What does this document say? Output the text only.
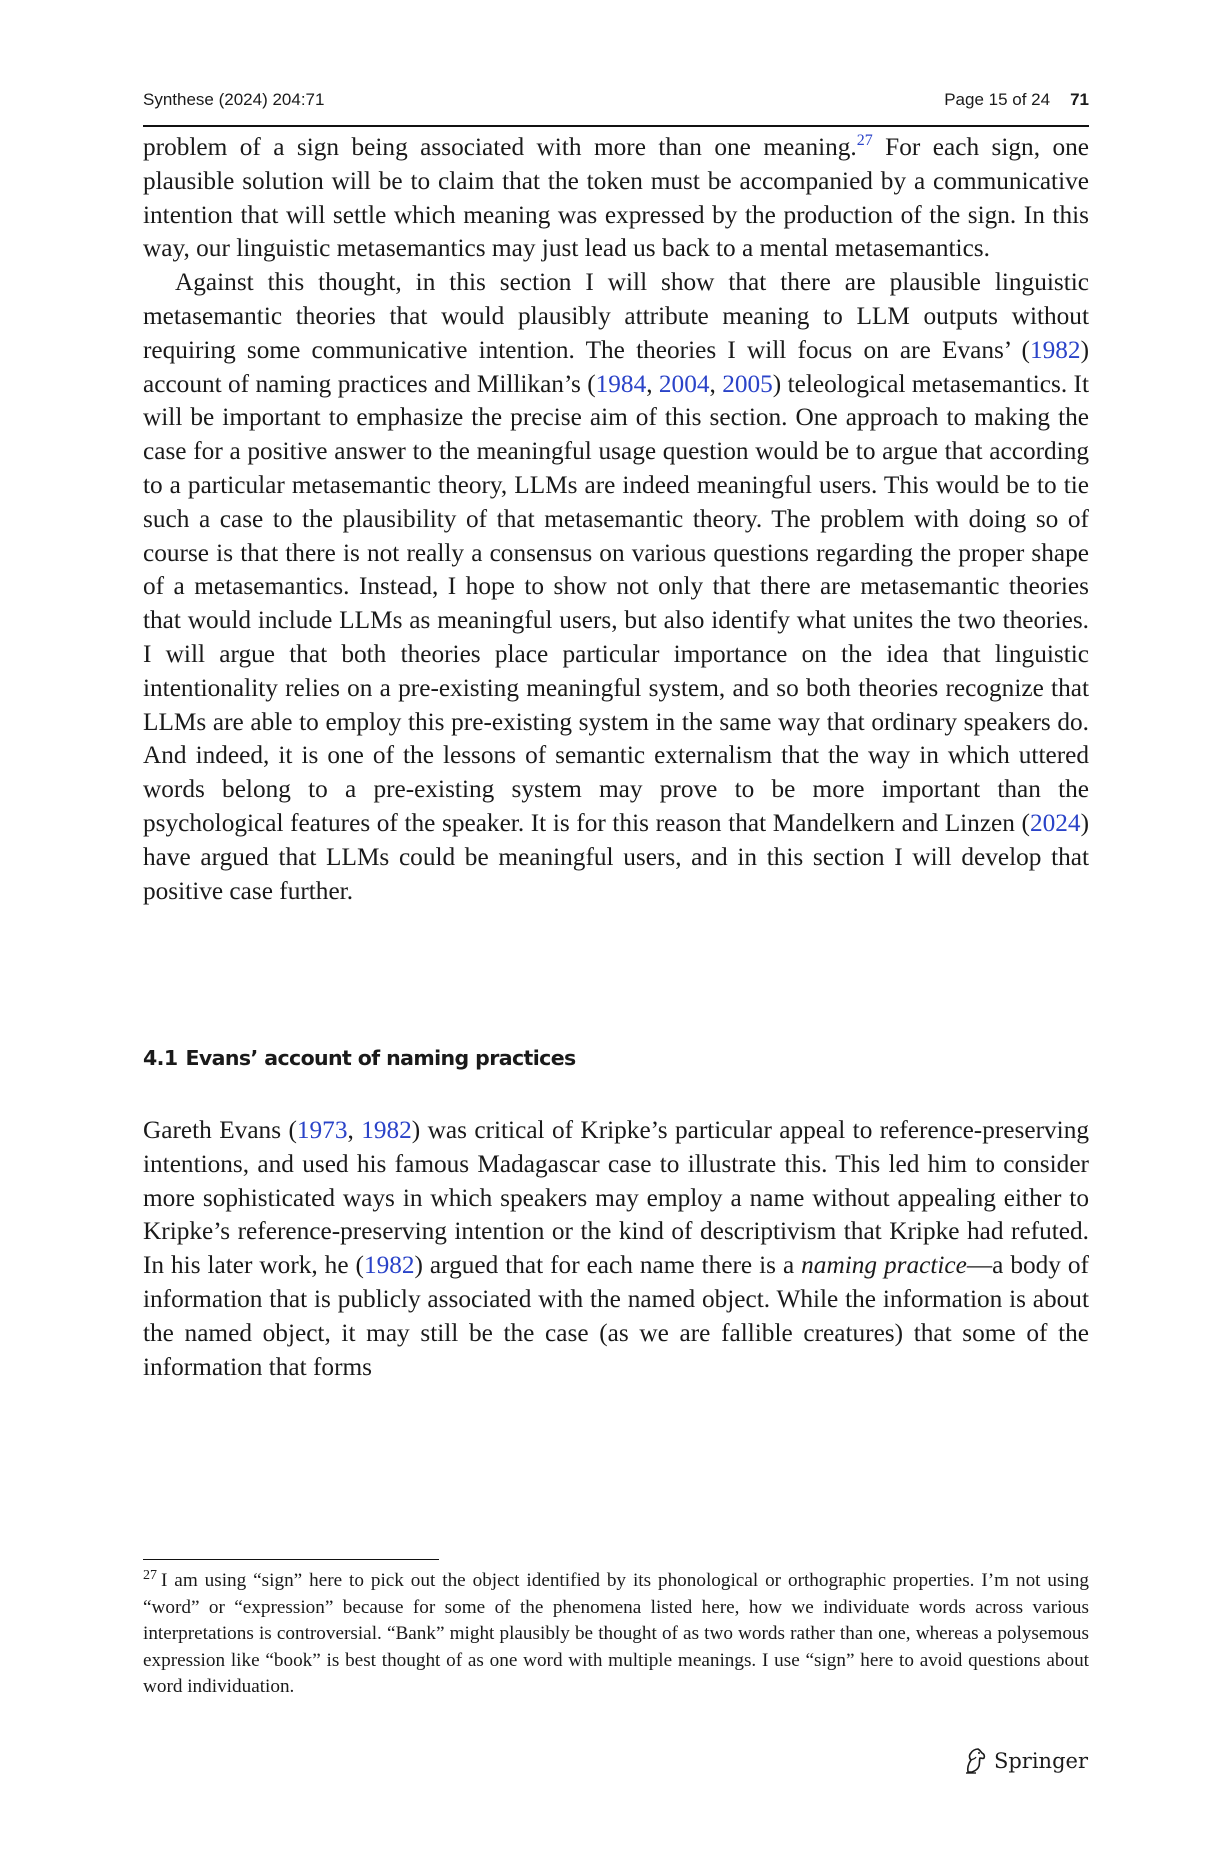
Synthese (2024) 204:71	Page 15 of 24 71

problem of a sign being associated with more than one meaning.$^{27}$ For each sign, one plausible solution will be to claim that the token must be accompanied by a communicative intention that will settle which meaning was expressed by the production of the sign. In this way, our linguistic metasemantics may just lead us back to a mental metasemantics.

Against this thought, in this section I will show that there are plausible linguistic metasemantic theories that would plausibly attribute meaning to LLM outputs without requiring some communicative intention. The theories I will focus on are Evans’ (1982) account of naming practices and Millikan’s (1984, 2004, 2005) teleological metasemantics. It will be important to emphasize the precise aim of this section. One approach to making the case for a positive answer to the meaningful usage question would be to argue that according to a particular metasemantic theory, LLMs are indeed meaningful users. This would be to tie such a case to the plausibility of that metasemantic theory. The problem with doing so of course is that there is not really a consensus on various questions regarding the proper shape of a metasemantics. Instead, I hope to show not only that there are metasemantic theories that would include LLMs as meaningful users, but also identify what unites the two theories. I will argue that both theories place particular importance on the idea that linguistic intentionality relies on a pre-existing meaningful system, and so both theories recognize that LLMs are able to employ this pre-existing system in the same way that ordinary speakers do. And indeed, it is one of the lessons of semantic externalism that the way in which uttered words belong to a pre-existing system may prove to be more important than the psychological features of the speaker. It is for this reason that Mandelkern and Linzen (2024) have argued that LLMs could be meaningful users, and in this section I will develop that positive case further.

4.1 Evans’ account of naming practices

Gareth Evans (1973, 1982) was critical of Kripke’s particular appeal to reference-preserving intentions, and used his famous Madagascar case to illustrate this. This led him to consider more sophisticated ways in which speakers may employ a name without appealing either to Kripke’s reference-preserving intention or the kind of descriptivism that Kripke had refuted. In his later work, he (1982) argued that for each name there is a naming practice—a body of information that is publicly associated with the named object. While the information is about the named object, it may still be the case (as we are fallible creatures) that some of the information that forms

$^{27}$ I am using “sign” here to pick out the object identified by its phonological or orthographic properties. I’m not using “word” or “expression” because for some of the phenomena listed here, how we individuate words across various interpretations is controversial. “Bank” might plausibly be thought of as two words rather than one, whereas a polysemous expression like “book” is best thought of as one word with multiple meanings. I use “sign” here to avoid questions about word individuation.
Springer
